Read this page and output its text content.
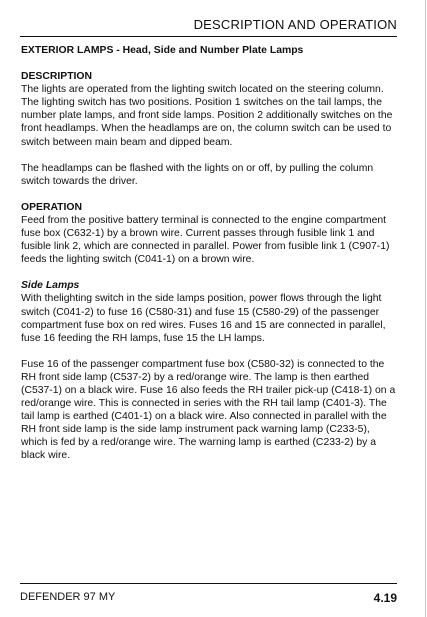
DESCRIPTION AND OPERATION
EXTERIOR LAMPS - Head, Side and Number Plate Lamps
DESCRIPTION

The lights are operated from the lighting switch located on the steering column. The lighting switch has two positions. Position 1 switches on the tail lamps, the number plate lamps, and front side lamps. Position 2 additionally switches on the front headlamps. When the headlamps are on, the column switch can be used to switch between main beam and dipped beam.

The headlamps can be flashed with the lights on or off, by pulling the column switch towards the driver.

OPERATION

Feed from the positive battery terminal is connected to the engine compartment fuse box (C632-1) by a brown wire. Current passes through fusible link 1 and fusible link 2, which are connected in parallel. Power from fusible link 1 (C907-1) feeds the lighting switch (C041-1) on a brown wire.

Side Lamps

With thelighting switch in the side lamps position, power flows through the light switch (C041-2) to fuse 16 (C580-31) and fuse 15 (C580-29) of the passenger compartment fuse box on red wires. Fuses 16 and 15 are connected in parallel, fuse 16 feeding the RH lamps, fuse 15 the LH lamps.

Fuse 16 of the passenger compartment fuse box (C580-32) is connected to the RH front side lamp (C537-2) by a red/orange wire. The lamp is then earthed (C537-1) on a black wire. Fuse 16 also feeds the RH trailer pick-up (C418-1) on a red/orange wire. This is connected in series with the RH tail lamp (C401-3). The tail lamp is earthed (C401-1) on a black wire. Also connected in parallel with the RH front side lamp is the side lamp instrument pack warning lamp (C233-5), which is fed by a red/orange wire. The warning lamp is earthed (C233-2) by a black wire.

DEFENDER 97 MY	4.19
